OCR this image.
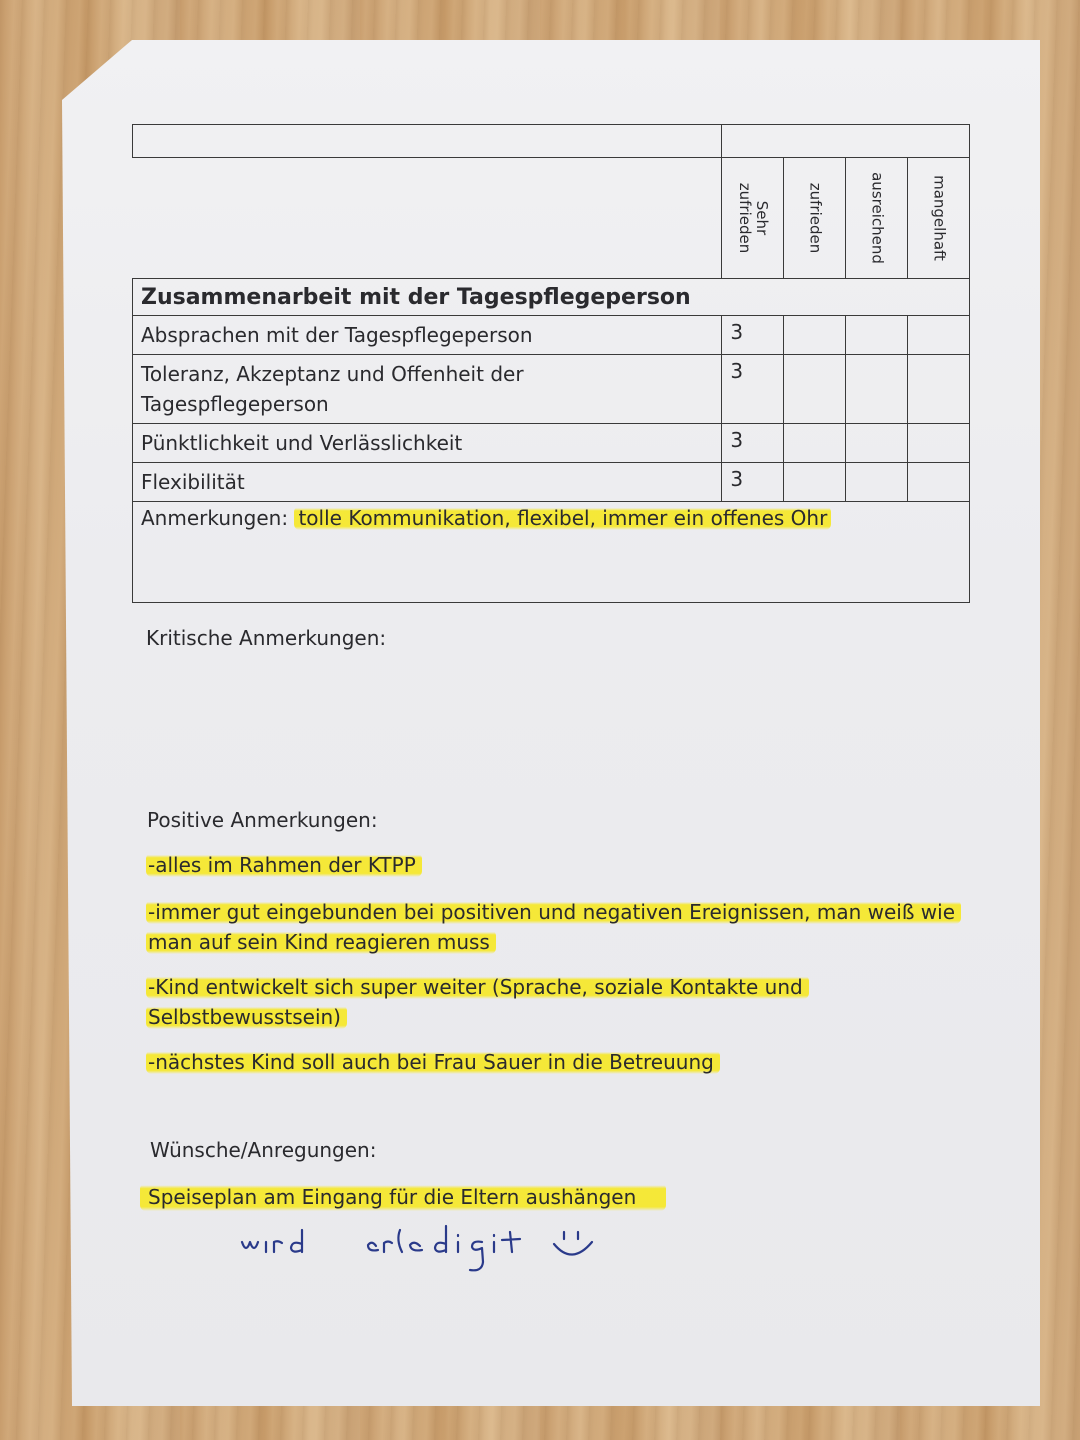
	Sehr zufrieden	zufrieden	ausreichend	mangelhaft

Zusammenarbeit mit der Tagespflegeperson				
Absprachen mit der Tagespflegeperson	3			
Toleranz, Akzeptanz und Offenheit der Tagespflegeperson	3			
Pünktlichkeit und Verlässlichkeit	3			
Flexibilität	3			
Anmerkungen: tolle Kommunikation, flexibel, immer ein offenes Ohr				
Kritische Anmerkungen:
Positive Anmerkungen:
-alles im Rahmen der KTPP
-immer gut eingebunden bei positiven und negativen Ereignissen, man weiß wie
man auf sein Kind reagieren muss
-Kind entwickelt sich super weiter (Sprache, soziale Kontakte und
Selbstbewusstsein)
-nächstes Kind soll auch bei Frau Sauer in die Betreuung
Wünsche/Anregungen:
Speiseplan am Eingang für die Eltern aushängen
